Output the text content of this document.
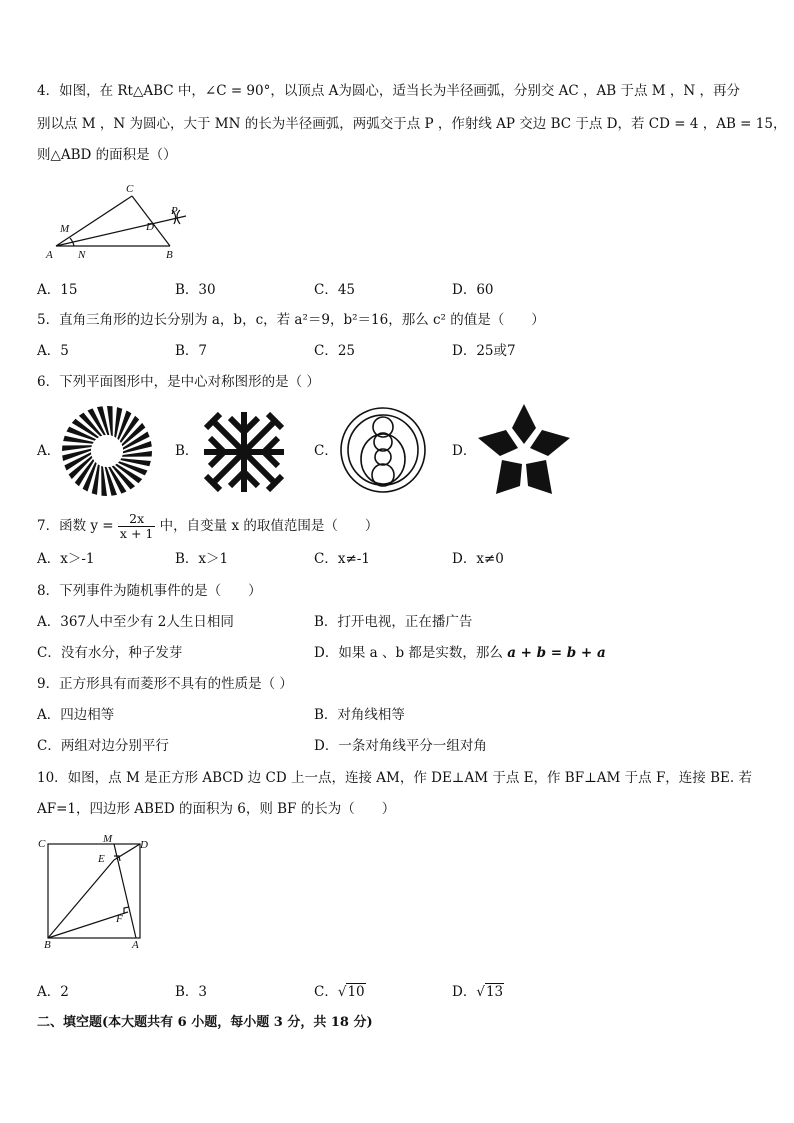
4．如图，在 Rt△ABC 中，∠C = 90°，以顶点 A为圆心，适当长为半径画弧，分别交 AC ，AB 于点 M ，N ，再分
别以点 M ，N 为圆心，大于 MN 的长为半径画弧，两弧交于点 P ，作射线 AP 交边 BC 于点 D，若 CD = 4 ，AB = 15，
则△ABD 的面积是（）
C
M
P
D
A N	B
A．15	B．30	C．45	D．60
5．直角三角形的边长分别为 a，b，c，若 a²＝9，b²＝16，那么 c² 的值是（　　）
A．5	B．7	C．25	D．25或7
6．下列平面图形中，是中心对称图形的是（ ）
A．	B．	C．	D．
7．函数 $y = \frac{2x}{x + 1}$ 中，自变量 x 的取值范围是（　　）
A．x＞-1	B．x＞1	C．x≠-1	D．x≠0
8．下列事件为随机事件的是（　　）
A．367人中至少有 2人生日相同	B．打开电视，正在播广告
C．没有水分，种子发芽	D．如果 a 、b 都是实数，那么 a + b = b + a
9．正方形具有而菱形不具有的性质是（ ）
A．四边相等	B．对角线相等
C．两组对边分别平行	D．一条对角线平分一组对角
10．如图，点 M 是正方形 ABCD 边 CD 上一点，连接 AM，作 DE⊥AM 于点 E，作 BF⊥AM 于点 F，连接 BE. 若
AF=1，四边形 ABED 的面积为 6，则 BF 的长为（　　）
C	M	D
E
F
B	A
A．2	B．3	C．√10	D．√13
二、填空题(本大题共有 6 小题，每小题 3 分，共 18 分)
